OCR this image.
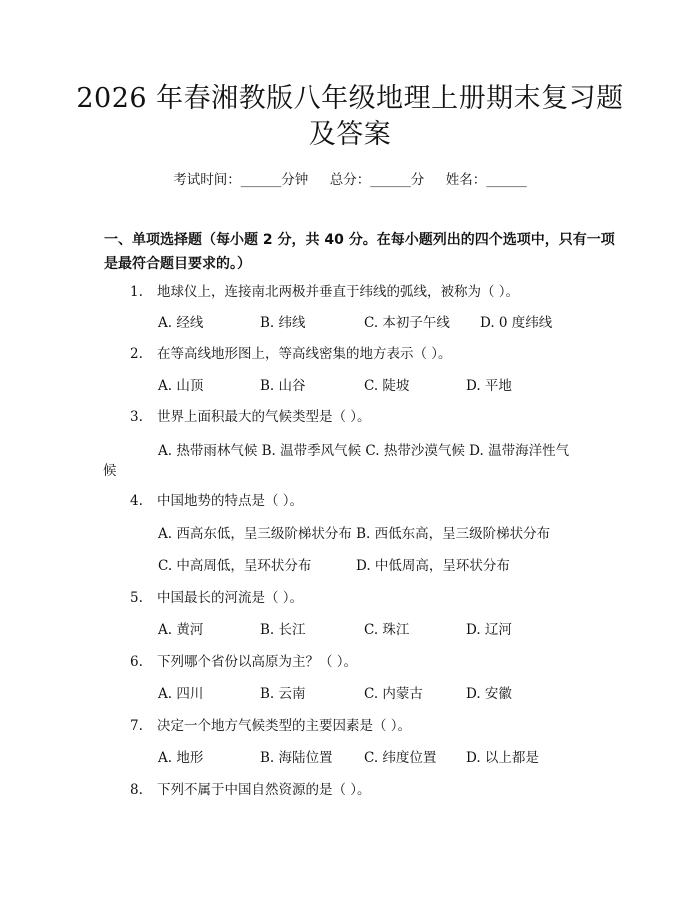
2026 年春湘教版八年级地理上册期末复习题
及答案
考试时间：______分钟     总分：______分     姓名：______
一、单项选择题（每小题 2 分，共 40 分。在每小题列出的四个选项中，只有一项
是最符合题目要求的。）
1. 地球仪上，连接南北两极并垂直于纬线的弧线，被称为（ ）。
A. 经线	B. 纬线	C. 本初子午线 D. 0 度纬线
2. 在等高线地形图上，等高线密集的地方表示（ ）。
A. 山顶	B. 山谷	C. 陡坡	D. 平地
3. 世界上面积最大的气候类型是（ ）。
A. 热带雨林气候 B. 温带季风气候 C. 热带沙漠气候 D. 温带海洋性气
候
4. 中国地势的特点是（ ）。
A. 西高东低，呈三级阶梯状分布 B. 西低东高，呈三级阶梯状分布
C. 中高周低，呈环状分布	D. 中低周高，呈环状分布
5. 中国最长的河流是（ ）。
A. 黄河	B. 长江	C. 珠江	D. 辽河
6. 下列哪个省份以高原为主？（ ）。
A. 四川	B. 云南	C. 内蒙古	D. 安徽
7. 决定一个地方气候类型的主要因素是（ ）。
A. 地形	B. 海陆位置 C. 纬度位置 D. 以上都是
8. 下列不属于中国自然资源的是（ ）。
